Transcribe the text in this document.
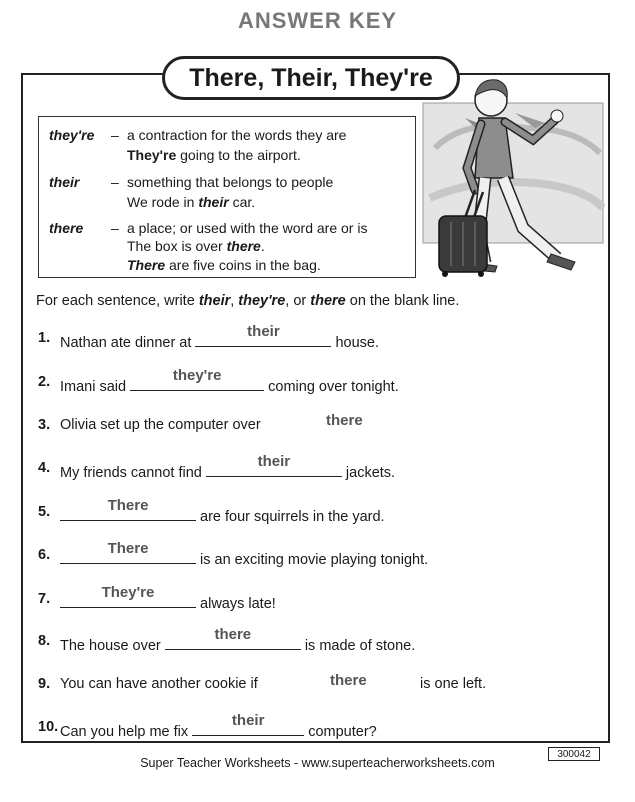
ANSWER KEY
There, Their, They're
they're – a contraction for the words they are
They're going to the airport.
their – something that belongs to people
We rode in their car.
there – a place; or used with the word are or is
The box is over there.
There are five coins in the bag.
For each sentence, write their, they're, or there on the blank line.
1. Nathan ate dinner at
their
house.
2. Imani said
they're
coming over tonight.
3. Olivia set up the computer over	there
4. My friends cannot find
their
jackets.
5.	There
are four squirrels in the yard.
6.	There
is an exciting movie playing tonight.
7.	They're
always late!
8. The house over
there
is made of stone.
9. You can have another cookie if	there	is one left.
10. Can you help me fix
their
computer?
300042
Super Teacher Worksheets - www.superteacherworksheets.com
